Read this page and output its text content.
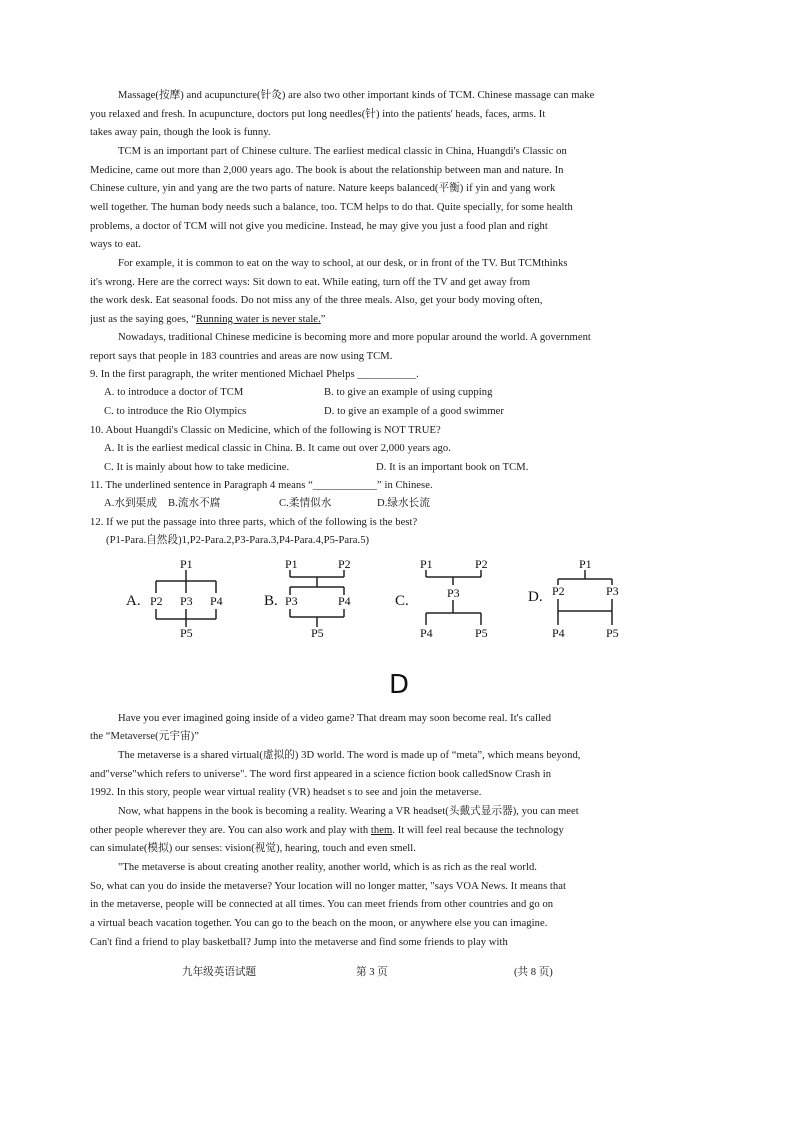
Massage(按摩) and acupuncture(针灸) are also two other important kinds of TCM. Chinese massage can make
you relaxed and fresh. In acupuncture, doctors put long needles(针) into the patients' heads, faces, arms. It
takes away pain, though the look is funny.
TCM is an important part of Chinese culture. The earliest medical classic in China, Huangdi's Classic on
Medicine, came out more than 2,000 years ago. The book is about the relationship between man and nature. In
Chinese culture, yin and yang are the two parts of nature. Nature keeps balanced(平衡) if yin and yang work
well together. The human body needs such a balance, too. TCM helps to do that. Quite specially, for some health
problems, a doctor of TCM will not give you medicine. Instead, he may give you just a food plan and right
ways to eat.
For example, it is common to eat on the way to school, at our desk, or in front of the TV. But TCMthinks
it's wrong. Here are the correct ways: Sit down to eat. While eating, turn off the TV and get away from
the work desk. Eat seasonal foods. Do not miss any of the three meals. Also, get your body moving often,
just as the saying goes, “Running water is never stale.”
Nowadays, traditional Chinese medicine is becoming more and more popular around the world. A government
report says that people in 183 countries and areas are now using TCM.
9. In the first paragraph, the writer mentioned Michael Phelps ___________.
A. to introduce a doctor of TCM	B. to give an example of using cupping
C. to introduce the Rio Olympics	D. to give an example of a good swimmer
10. About Huangdi's Classic on Medicine, which of the following is NOT TRUE?
A. It is the earliest medical classic in China. B. It came out over 2,000 years ago.
C. It is mainly about how to take medicine.	D. It is an important book on TCM.
11. The underlined sentence in Paragraph 4 means “____________” in Chinese.
A.水到渠成	B.流水不腐	C.柔情似水	D.绿水长流
12. If we put the passage into three parts, which of the following is the best?
(P1-Para.自然段)1,P2-Para.2,P3-Para.3,P4-Para.4,P5-Para.5)
A.
P1
P2 P3 P4
P5
B.
P1	P2
P3	P4
P5
C.
P1	P2
P3
P4	P5
D.
P1
P2	P3
P4	P5
D
Have you ever imagined going inside of a video game? That dream may soon become real. It's called
the “Metaverse(元宇宙)”
The metaverse is a shared virtual(虚拟的) 3D world. The word is made up of “meta”, which means beyond,
and"verse"which refers to universe". The word first appeared in a science fiction book calledSnow Crash in
1992. In this story, people wear virtual reality (VR) headset s to see and join the metaverse.
Now, what happens in the book is becoming a reality. Wearing a VR headset(头戴式显示器), you can meet
other people wherever they are. You can also work and play with them. It will feel real because the technology
can simulate(模拟) our senses: vision(视觉), hearing, touch and even smell.
"The metaverse is about creating another reality, another world, which is as rich as the real world.
So, what can you do inside the metaverse? Your location will no longer matter, "says VOA News. It means that
in the metaverse, people will be connected at all times. You can meet friends from other countries and go on
a virtual beach vacation together. You can go to the beach on the moon, or anywhere else you can imagine.
Can't find a friend to play basketball? Jump into the metaverse and find some friends to play with
九年级英语试题	第 3 页	(共 8 页)
